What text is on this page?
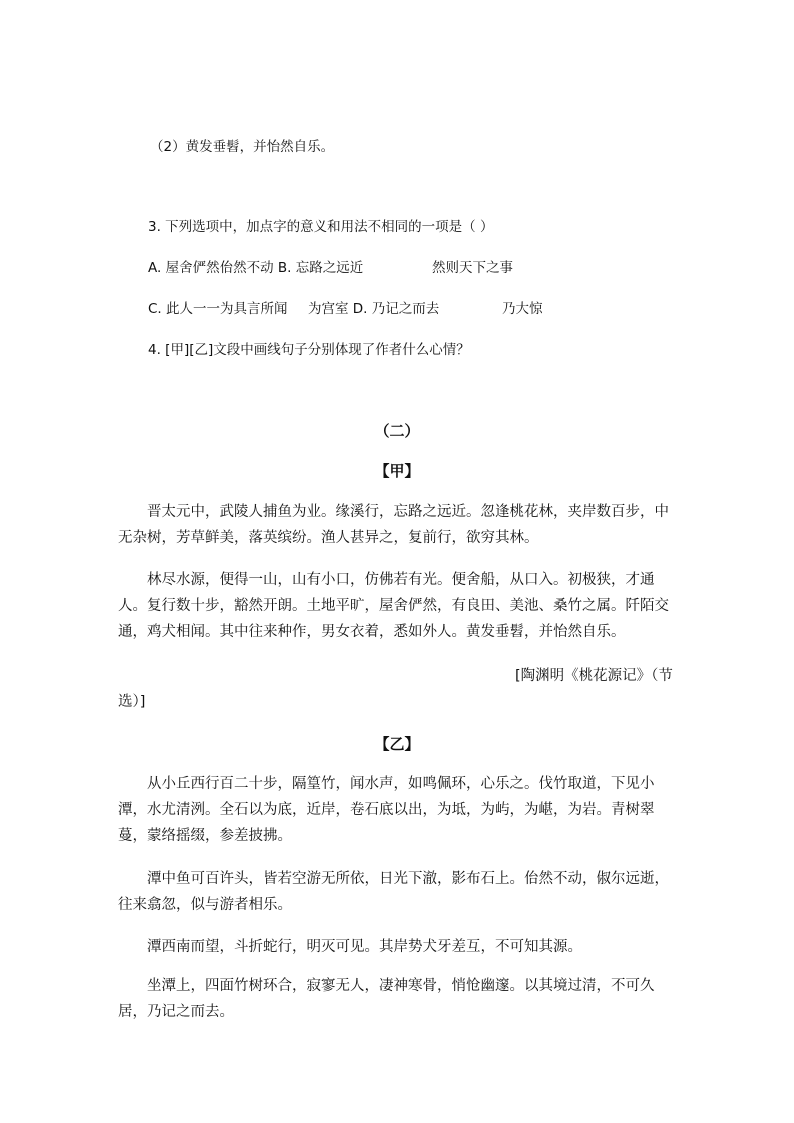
（2）黄发垂髫，并怡然自乐。
3. 下列选项中，加点字的意义和用法不相同的一项是（ ）
A. 屋舍俨然佁然不动 B. 忘路之远近	然则天下之事
C. 此人一一为具言所闻 为宫室 D. 乃记之而去	乃大惊
4. [甲][乙]文段中画线句子分别体现了作者什么心情？
（二）
【甲】
晋太元中，武陵人捕鱼为业。缘溪行，忘路之远近。忽逢桃花林，夹岸数百步，中无杂树，芳草鲜美，落英缤纷。渔人甚异之，复前行，欲穷其林。
林尽水源，便得一山，山有小口，仿佛若有光。便舍船，从口入。初极狭，才通人。复行数十步，豁然开朗。土地平旷，屋舍俨然，有良田、美池、桑竹之属。阡陌交通，鸡犬相闻。其中往来种作，男女衣着，悉如外人。黄发垂髫，并怡然自乐。
[陶渊明《桃花源记》（节
选）]
【乙】
从小丘西行百二十步，隔篁竹，闻水声，如鸣佩环，心乐之。伐竹取道，下见小潭，水尤清洌。全石以为底，近岸，卷石底以出，为坻，为屿，为嵁，为岩。青树翠蔓，蒙络摇缀，参差披拂。
潭中鱼可百许头，皆若空游无所依，日光下澈，影布石上。佁然不动，俶尔远逝，往来翕忽，似与游者相乐。
潭西南而望，斗折蛇行，明灭可见。其岸势犬牙差互，不可知其源。
坐潭上，四面竹树环合，寂寥无人，凄神寒骨，悄怆幽邃。以其境过清，不可久居，乃记之而去。
